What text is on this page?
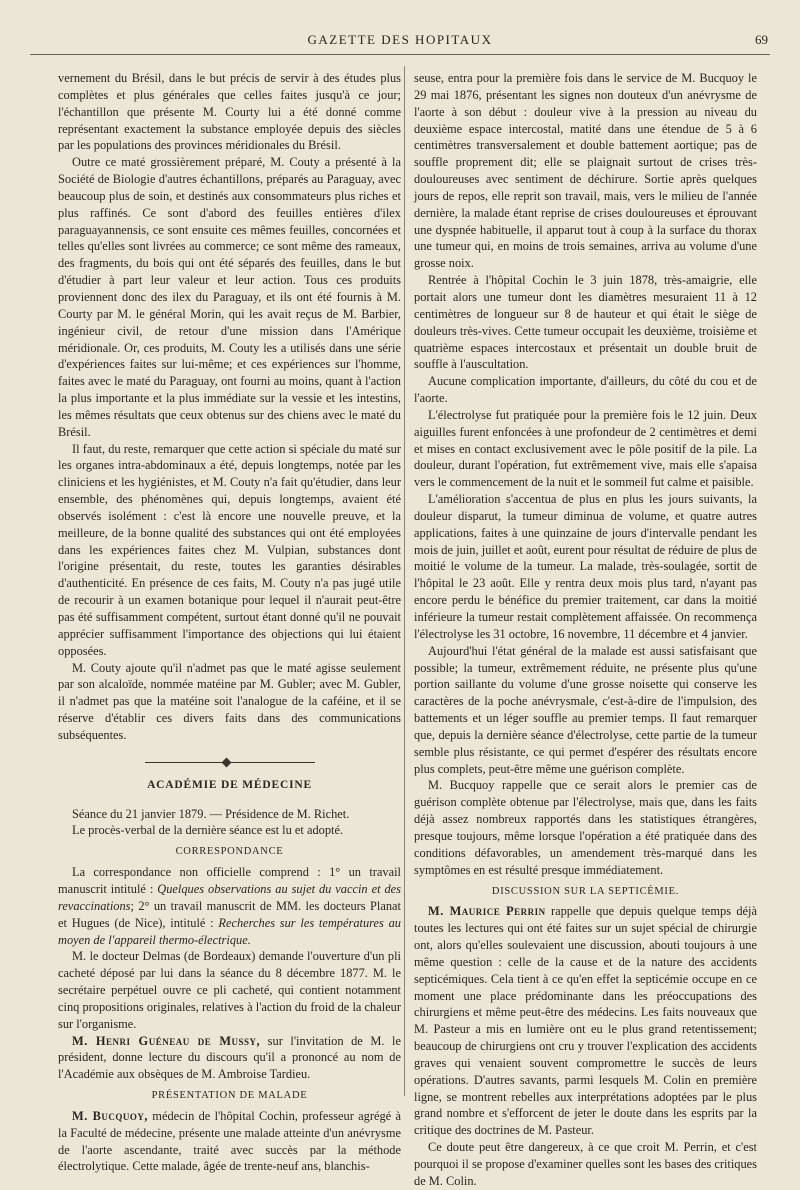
GAZETTE DES HOPITAUX	69

vernement du Brésil, dans le but précis de servir à des études plus complètes et plus générales que celles faites jusqu'à ce jour; l'échantillon que présente M. Courty lui a été donné comme représentant exactement la substance employée depuis des siècles par les populations des provinces méridionales du Brésil.

Outre ce maté grossièrement préparé, M. Couty a présenté à la Société de Biologie d'autres échantillons, préparés au Paraguay, avec beaucoup plus de soin, et destinés aux consommateurs plus riches et plus raffinés. Ce sont d'abord des feuilles entières d'ilex paraguayannensis, ce sont ensuite ces mêmes feuilles, concornées et telles qu'elles sont livrées au commerce; ce sont même des rameaux, des fragments, du bois qui ont été séparés des feuilles, dans le but d'étudier à part leur valeur et leur action. Tous ces produits proviennent donc des ilex du Paraguay, et ils ont été fournis à M. Courty par M. le général Morin, qui les avait reçus de M. Barbier, ingénieur civil, de retour d'une mission dans l'Amérique méridionale. Or, ces produits, M. Couty les a utilisés dans une série d'expériences faites sur lui-même; et ces expériences sur l'homme, faites avec le maté du Paraguay, ont fourni au moins, quant à l'action la plus importante et la plus immédiate sur la vessie et les intestins, les mêmes résultats que ceux obtenus sur des chiens avec le maté du Brésil.

Il faut, du reste, remarquer que cette action si spéciale du maté sur les organes intra-abdominaux a été, depuis longtemps, notée par les cliniciens et les hygiénistes, et M. Couty n'a fait qu'étudier, dans leur ensemble, des phénomènes qui, depuis longtemps, avaient été observés isolément : c'est là encore une nouvelle preuve, et la meilleure, de la bonne qualité des substances qui ont été employées dans les expériences faites chez M. Vulpian, substances dont l'origine présentait, du reste, toutes les garanties désirables d'authenticité. En présence de ces faits, M. Couty n'a pas jugé utile de recourir à un examen botanique pour lequel il n'aurait peut-être pas été suffisamment compétent, surtout étant donné qu'il ne pouvait apprécier suffisamment l'importance des objections qui lui étaient opposées.

M. Couty ajoute qu'il n'admet pas que le maté agisse seulement par son alcaloïde, nommée matéine par M. Gubler; avec M. Gubler, il n'admet pas que la matéine soit l'analogue de la caféine, et il se réserve d'établir ces divers faits dans des communications subséquentes.

ACADÉMIE DE MÉDECINE

Séance du 21 janvier 1879. — Présidence de M. Richet.

Le procès-verbal de la dernière séance est lu et adopté.

CORRESPONDANCE

La correspondance non officielle comprend : 1° un travail manuscrit intitulé : Quelques observations au sujet du vaccin et des revaccinations; 2° un travail manuscrit de MM. les docteurs Planat et Hugues (de Nice), intitulé : Recherches sur les températures au moyen de l'appareil thermo-électrique.

M. le docteur Delmas (de Bordeaux) demande l'ouverture d'un pli cacheté déposé par lui dans la séance du 8 décembre 1877. M. le secrétaire perpétuel ouvre ce pli cacheté, qui contient notamment cinq propositions originales, relatives à l'action du froid de la chaleur sur l'organisme.

M. Henri Guéneau de Mussy, sur l'invitation de M. le président, donne lecture du discours qu'il a prononcé au nom de l'Académie aux obsèques de M. Ambroise Tardieu.

PRÉSENTATION DE MALADE

M. Bucquoy, médecin de l'hôpital Cochin, professeur agrégé à la Faculté de médecine, présente une malade atteinte d'un anévrysme de l'aorte ascendante, traité avec succès par la méthode électrolytique. Cette malade, âgée de trente-neuf ans, blanchis-

seuse, entra pour la première fois dans le service de M. Bucquoy le 29 mai 1876, présentant les signes non douteux d'un anévrysme de l'aorte à son début : douleur vive à la pression au niveau du deuxième espace intercostal, matité dans une étendue de 5 à 6 centimètres transversalement et double battement aortique; pas de souffle proprement dit; elle se plaignait surtout de crises très-douloureuses avec sentiment de déchirure. Sortie après quelques jours de repos, elle reprit son travail, mais, vers le milieu de l'année dernière, la malade étant reprise de crises douloureuses et éprouvant une dyspnée habituelle, il apparut tout à coup à la surface du thorax une tumeur qui, en moins de trois semaines, arriva au volume d'une grosse noix.

Rentrée à l'hôpital Cochin le 3 juin 1878, très-amaigrie, elle portait alors une tumeur dont les diamètres mesuraient 11 à 12 centimètres de longueur sur 8 de hauteur et qui était le siège de douleurs très-vives. Cette tumeur occupait les deuxième, troisième et quatrième espaces intercostaux et présentait un double bruit de souffle à l'auscultation.

Aucune complication importante, d'ailleurs, du côté du cou et de l'aorte.

L'électrolyse fut pratiquée pour la première fois le 12 juin. Deux aiguilles furent enfoncées à une profondeur de 2 centimètres et demi et mises en contact exclusivement avec le pôle positif de la pile. La douleur, durant l'opération, fut extrêmement vive, mais elle s'apaisa vers le commencement de la nuit et le sommeil fut calme et paisible.

L'amélioration s'accentua de plus en plus les jours suivants, la douleur disparut, la tumeur diminua de volume, et quatre autres applications, faites à une quinzaine de jours d'intervalle pendant les mois de juin, juillet et août, eurent pour résultat de réduire de plus de moitié le volume de la tumeur. La malade, très-soulagée, sortit de l'hôpital le 23 août. Elle y rentra deux mois plus tard, n'ayant pas encore perdu le bénéfice du premier traitement, car dans la moitié inférieure la tumeur restait complètement affaissée. On recommença l'électrolyse les 31 octobre, 16 novembre, 11 décembre et 4 janvier.

Aujourd'hui l'état général de la malade est aussi satisfaisant que possible; la tumeur, extrêmement réduite, ne présente plus qu'une portion saillante du volume d'une grosse noisette qui conserve les caractères de la poche anévrysmale, c'est-à-dire de l'impulsion, des battements et un léger souffle au premier temps. Il faut remarquer que, depuis la dernière séance d'électrolyse, cette partie de la tumeur semble plus résistante, ce qui permet d'espérer des résultats encore plus complets, peut-être même une guérison complète.

M. Bucquoy rappelle que ce serait alors le premier cas de guérison complète obtenue par l'électrolyse, mais que, dans les faits déjà assez nombreux rapportés dans les statistiques étrangères, presque toujours, même lorsque l'opération a été pratiquée dans des conditions défavorables, un amendement très-marqué dans les symptômes en est résulté presque immédiatement.

DISCUSSION SUR LA SEPTICÉMIE.

M. Maurice Perrin rappelle que depuis quelque temps déjà toutes les lectures qui ont été faites sur un sujet spécial de chirurgie ont, alors qu'elles soulevaient une discussion, abouti toujours à une même question : celle de la cause et de la nature des accidents septicémiques. Cela tient à ce qu'en effet la septicémie occupe en ce moment une place prédominante dans les préoccupations des chirurgiens et même peut-être des médecins. Les faits nouveaux que M. Pasteur a mis en lumière ont eu le plus grand retentissement; beaucoup de chirurgiens ont cru y trouver l'explication des accidents graves qui venaient souvent compromettre le succès de leurs opérations. D'autres savants, parmi lesquels M. Colin en première ligne, se montrent rebelles aux interprétations adoptées par le plus grand nombre et s'efforcent de jeter le doute dans les esprits par la critique des doctrines de M. Pasteur.

Ce doute peut être dangereux, à ce que croit M. Perrin, et c'est pourquoi il se propose d'examiner quelles sont les bases des critiques de M. Colin.
